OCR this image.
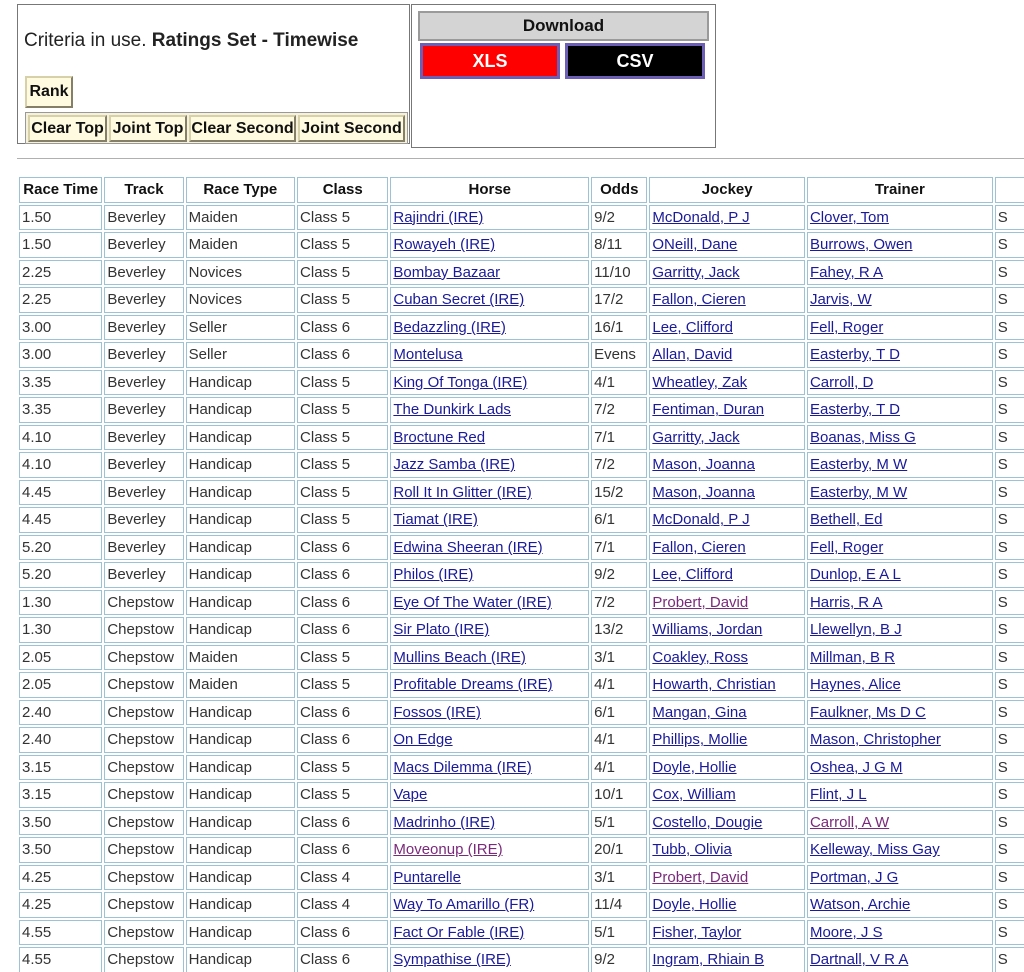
Criteria in use. Ratings Set - Timewise
Rank
Clear Top Joint Top Clear Second Joint Second
Download
XLS	CSV
Race Time	Track	Race Type	Class	Horse	Odds	Jockey	Trainer	
1.50	Beverley	Maiden	Class 5	Rajindri (IRE)	9/2	McDonald, P J	Clover, Tom	S
1.50	Beverley	Maiden	Class 5	Rowayeh (IRE)	8/11	ONeill, Dane	Burrows, Owen	S
2.25	Beverley	Novices	Class 5	Bombay Bazaar	11/10	Garritty, Jack	Fahey, R A	S
2.25	Beverley	Novices	Class 5	Cuban Secret (IRE)	17/2	Fallon, Cieren	Jarvis, W	S
3.00	Beverley	Seller	Class 6	Bedazzling (IRE)	16/1	Lee, Clifford	Fell, Roger	S
3.00	Beverley	Seller	Class 6	Montelusa	Evens	Allan, David	Easterby, T D	S
3.35	Beverley	Handicap	Class 5	King Of Tonga (IRE)	4/1	Wheatley, Zak	Carroll, D	S
3.35	Beverley	Handicap	Class 5	The Dunkirk Lads	7/2	Fentiman, Duran	Easterby, T D	S
4.10	Beverley	Handicap	Class 5	Broctune Red	7/1	Garritty, Jack	Boanas, Miss G	S
4.10	Beverley	Handicap	Class 5	Jazz Samba (IRE)	7/2	Mason, Joanna	Easterby, M W	S
4.45	Beverley	Handicap	Class 5	Roll It In Glitter (IRE)	15/2	Mason, Joanna	Easterby, M W	S
4.45	Beverley	Handicap	Class 5	Tiamat (IRE)	6/1	McDonald, P J	Bethell, Ed	S
5.20	Beverley	Handicap	Class 6	Edwina Sheeran (IRE)	7/1	Fallon, Cieren	Fell, Roger	S
5.20	Beverley	Handicap	Class 6	Philos (IRE)	9/2	Lee, Clifford	Dunlop, E A L	S
1.30	Chepstow	Handicap	Class 6	Eye Of The Water (IRE)	7/2	Probert, David	Harris, R A	S
1.30	Chepstow	Handicap	Class 6	Sir Plato (IRE)	13/2	Williams, Jordan	Llewellyn, B J	S
2.05	Chepstow	Maiden	Class 5	Mullins Beach (IRE)	3/1	Coakley, Ross	Millman, B R	S
2.05	Chepstow	Maiden	Class 5	Profitable Dreams (IRE)	4/1	Howarth, Christian	Haynes, Alice	S
2.40	Chepstow	Handicap	Class 6	Fossos (IRE)	6/1	Mangan, Gina	Faulkner, Ms D C	S
2.40	Chepstow	Handicap	Class 6	On Edge	4/1	Phillips, Mollie	Mason, Christopher	S
3.15	Chepstow	Handicap	Class 5	Macs Dilemma (IRE)	4/1	Doyle, Hollie	Oshea, J G M	S
3.15	Chepstow	Handicap	Class 5	Vape	10/1	Cox, William	Flint, J L	S
3.50	Chepstow	Handicap	Class 6	Madrinho (IRE)	5/1	Costello, Dougie	Carroll, A W	S
3.50	Chepstow	Handicap	Class 6	Moveonup (IRE)	20/1	Tubb, Olivia	Kelleway, Miss Gay	S
4.25	Chepstow	Handicap	Class 4	Puntarelle	3/1	Probert, David	Portman, J G	S
4.25	Chepstow	Handicap	Class 4	Way To Amarillo (FR)	11/4	Doyle, Hollie	Watson, Archie	S
4.55	Chepstow	Handicap	Class 6	Fact Or Fable (IRE)	5/1	Fisher, Taylor	Moore, J S	S
4.55	Chepstow	Handicap	Class 6	Sympathise (IRE)	9/2	Ingram, Rhiain B	Dartnall, V R A	S
